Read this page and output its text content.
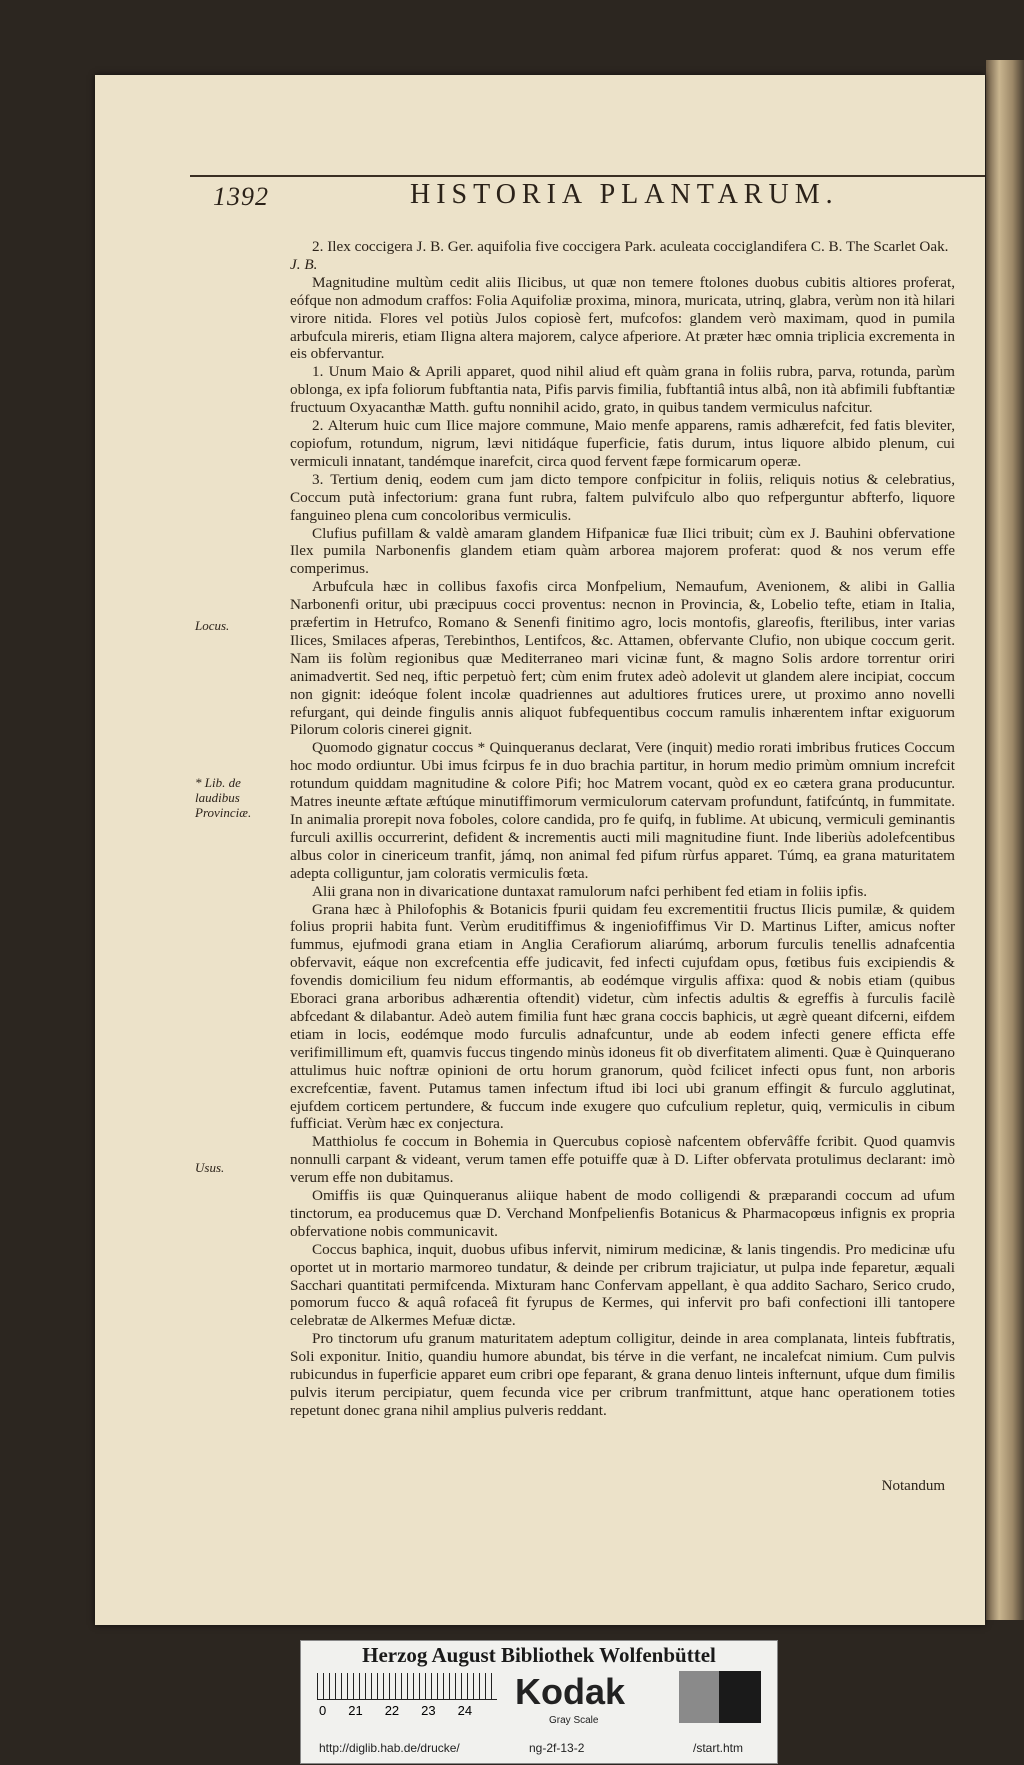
1392	HISTORIA PLANTARUM.
Locus.
* Lib. de laudibus Provinciæ.
Usus.

2. Ilex coccigera J. B. Ger. aquifolia five coccigera Park. aculeata cocciglandifera C. B. The Scarlet Oak.

J. B.

Magnitudine multùm cedit aliis Ilicibus, ut quæ non temere ftolones duobus cubitis altiores proferat, eófque non admodum craffos: Folia Aquifoliæ proxima, minora, muricata, utrinq, glabra, verùm non ità hilari virore nitida. Flores vel potiùs Julos copiosè fert, mufcofos: glandem verò maximam, quod in pumila arbufcula mireris, etiam Iligna altera majorem, calyce afperiore. At præter hæc omnia triplicia excrementa in eis obfervantur.

1. Unum Maio & Aprili apparet, quod nihil aliud eft quàm grana in foliis rubra, parva, rotunda, parùm oblonga, ex ipfa foliorum fubftantia nata, Pifis parvis fimilia, fubftantiâ intus albâ, non ità abfimili fubftantiæ fructuum Oxyacanthæ Matth. guftu nonnihil acido, grato, in quibus tandem vermiculus nafcitur.

2. Alterum huic cum Ilice majore commune, Maio menfe apparens, ramis adhærefcit, fed fatis bleviter, copiofum, rotundum, nigrum, lævi nitidáque fuperficie, fatis durum, intus liquore albido plenum, cui vermiculi innatant, tandémque inarefcit, circa quod fervent fæpe formicarum operæ.

3. Tertium deniq, eodem cum jam dicto tempore confpicitur in foliis, reliquis notius & celebratius, Coccum putà infectorium: grana funt rubra, faltem pulvifculo albo quo refperguntur abfterfo, liquore fanguineo plena cum concoloribus vermiculis.

Clufius pufillam & valdè amaram glandem Hifpanicæ fuæ Ilici tribuit; cùm ex J. Bauhini obfervatione Ilex pumila Narbonenfis glandem etiam quàm arborea majorem proferat: quod & nos verum effe comperimus.

Arbufcula hæc in collibus faxofis circa Monfpelium, Nemaufum, Avenionem, & alibi in Gallia Narbonenfi oritur, ubi præcipuus cocci proventus: necnon in Provincia, &, Lobelio tefte, etiam in Italia, præfertim in Hetrufco, Romano & Senenfi finitimo agro, locis montofis, glareofis, fterilibus, inter varias Ilices, Smilaces afperas, Terebinthos, Lentifcos, &c. Attamen, obfervante Clufio, non ubique coccum gerit. Nam iis folùm regionibus quæ Mediterraneo mari vicinæ funt, & magno Solis ardore torrentur oriri animadvertit. Sed neq, iftic perpetuò fert; cùm enim frutex adeò adolevit ut glandem alere incipiat, coccum non gignit: ideóque folent incolæ quadriennes aut adultiores frutices urere, ut proximo anno novelli refurgant, qui deinde fingulis annis aliquot fubfequentibus coccum ramulis inhærentem inftar exiguorum Pilorum coloris cinerei gignit.

Quomodo gignatur coccus * Quinqueranus declarat, Vere (inquit) medio rorati imbribus frutices Coccum hoc modo ordiuntur. Ubi imus fcirpus fe in duo brachia partitur, in horum medio primùm omnium increfcit rotundum quiddam magnitudine & colore Pifi; hoc Matrem vocant, quòd ex eo cætera grana producuntur. Matres ineunte æftate æftúque minutiffimorum vermiculorum catervam profundunt, fatifcúntq, in fummitate. In animalia prorepit nova foboles, colore candida, pro fe quifq, in fublime. At ubicunq, vermiculi geminantis furculi axillis occurrerint, defident & incrementis aucti mili magnitudine fiunt. Inde liberiùs adolefcentibus albus color in cinericeum tranfit, jámq, non animal fed pifum rùrfus apparet. Túmq, ea grana maturitatem adepta colliguntur, jam coloratis vermiculis fœta.

Alii grana non in divaricatione duntaxat ramulorum nafci perhibent fed etiam in foliis ipfis.

Grana hæc à Philofophis & Botanicis fpurii quidam feu excrementitii fructus Ilicis pumilæ, & quidem folius proprii habita funt. Verùm eruditiffimus & ingeniofiffimus Vir D. Martinus Lifter, amicus nofter fummus, ejufmodi grana etiam in Anglia Cerafiorum aliarúmq, arborum furculis tenellis adnafcentia obfervavit, eáque non excrefcentia effe judicavit, fed infecti cujufdam opus, fœtibus fuis excipiendis & fovendis domicilium feu nidum efformantis, ab eodémque virgulis affixa: quod & nobis etiam (quibus Eboraci grana arboribus adhærentia oftendit) videtur, cùm infectis adultis & egreffis à furculis facilè abfcedant & dilabantur. Adeò autem fimilia funt hæc grana coccis baphicis, ut ægrè queant difcerni, eifdem etiam in locis, eodémque modo furculis adnafcuntur, unde ab eodem infecti genere efficta effe verifimillimum eft, quamvis fuccus tingendo minùs idoneus fit ob diverfitatem alimenti. Quæ è Quinquerano attulimus huic noftræ opinioni de ortu horum granorum, quòd fcilicet infecti opus funt, non arboris excrefcentiæ, favent. Putamus tamen infectum iftud ibi loci ubi granum effingit & furculo agglutinat, ejufdem corticem pertundere, & fuccum inde exugere quo cufculium repletur, quiq, vermiculis in cibum fufficiat. Verùm hæc ex conjectura.

Matthiolus fe coccum in Bohemia in Quercubus copiosè nafcentem obfervâffe fcribit. Quod quamvis nonnulli carpant & videant, verum tamen effe potuiffe quæ à D. Lifter obfervata protulimus declarant: imò verum effe non dubitamus.

Omiffis iis quæ Quinqueranus aliique habent de modo colligendi & præparandi coccum ad ufum tinctorum, ea producemus quæ D. Verchand Monfpelienfis Botanicus & Pharmacopœus infignis ex propria obfervatione nobis communicavit.

Coccus baphica, inquit, duobus ufibus infervit, nimirum medicinæ, & lanis tingendis. Pro medicinæ ufu oportet ut in mortario marmoreo tundatur, & deinde per cribrum trajiciatur, ut pulpa inde feparetur, æquali Sacchari quantitati permifcenda. Mixturam hanc Confervam appellant, è qua addito Sacharo, Serico crudo, pomorum fucco & aquâ rofaceâ fit fyrupus de Kermes, qui infervit pro bafi confectioni illi tantopere celebratæ de Alkermes Mefuæ dictæ.

Pro tinctorum ufu granum maturitatem adeptum colligitur, deinde in area complanata, linteis fubftratis, Soli exponitur. Initio, quandiu humore abundat, bis térve in die verfant, ne incalefcat nimium. Cum pulvis rubicundus in fuperficie apparet eum cribri ope feparant, & grana denuo linteis infternunt, ufque dum fimilis pulvis iterum percipiatur, quem fecunda vice per cribrum tranfmittunt, atque hanc operationem toties repetunt donec grana nihil amplius pulveris reddant.

Notandum
Herzog August Bibliothek Wolfenbüttel
0 21 22 23 24 Kodak
Gray Scale
http://diglib.hab.de/drucke/	ng-2f-13-2	/start.htm
